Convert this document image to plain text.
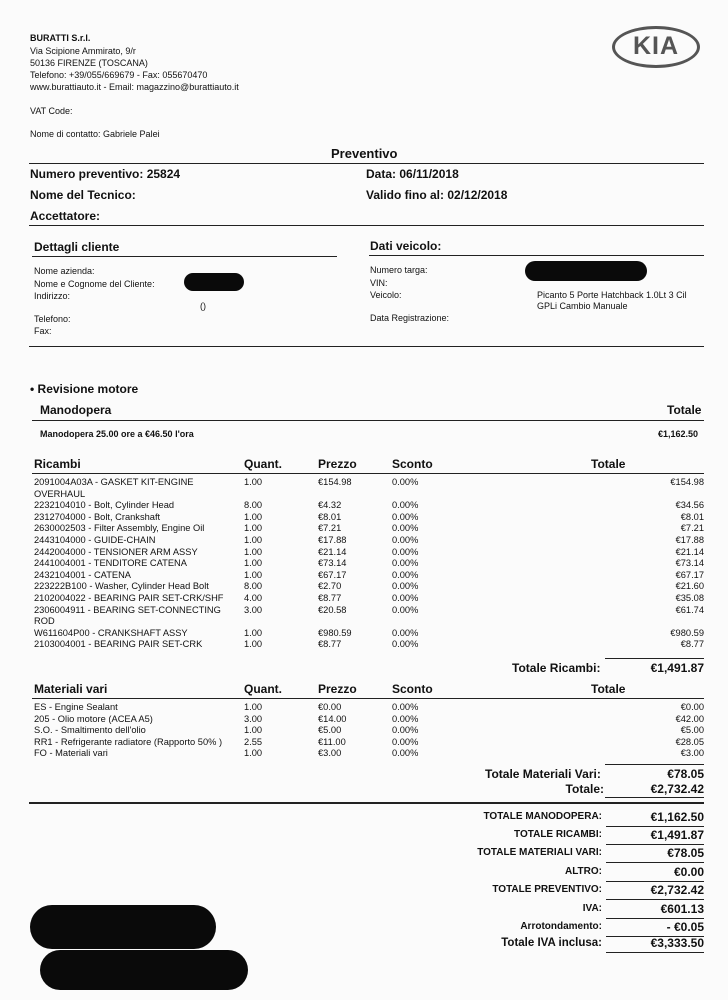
BURATTI S.r.l.
Via Scipione Ammirato, 9/r
50136 FIRENZE (TOSCANA)
Telefono: +39/055/669679 - Fax: 055670470
www.burattiauto.it - Email: magazzino@burattiauto.it
VAT Code:
Nome di contatto: Gabriele Palei
KIA
Preventivo
Numero preventivo: 25824	Data: 06/11/2018
Nome del Tecnico:	Valido fino al: 02/12/2018
Accettatore:
Dettagli cliente	Dati veicolo:
Nome azienda:
Nome e Cognome del Cliente:
Indirizzo:
()
Telefono:
Fax:
Numero targa:
VIN:
Veicolo:	Picanto 5 Porte Hatchback 1.0Lt 3 Cil
GPLi Cambio Manuale
Data Registrazione:
• Revisione motore
Manodopera	Totale
Manodopera 25.00 ore a €46.50 l'ora	€1,162.50
Ricambi	Quant.	Prezzo	Sconto	Totale
2091004A03A - GASKET KIT-ENGINE	1.00	€154.98	0.00%	€154.98
OVERHAUL				
2232104010 - Bolt, Cylinder Head	8.00	€4.32	0.00%	€34.56
2312704000 - Bolt, Crankshaft	1.00	€8.01	0.00%	€8.01
2630002503 - Filter Assembly, Engine Oil	1.00	€7.21	0.00%	€7.21
2443104000 - GUIDE-CHAIN	1.00	€17.88	0.00%	€17.88
2442004000 - TENSIONER ARM ASSY	1.00	€21.14	0.00%	€21.14
2441004001 - TENDITORE CATENA	1.00	€73.14	0.00%	€73.14
2432104001 - CATENA	1.00	€67.17	0.00%	€67.17
223222B100 - Washer, Cylinder Head Bolt	8.00	€2.70	0.00%	€21.60
2102004022 - BEARING PAIR SET-CRK/SHF	4.00	€8.77	0.00%	€35.08
2306004911 - BEARING SET-CONNECTING	3.00	€20.58	0.00%	€61.74
ROD				
W611604P00 - CRANKSHAFT ASSY	1.00	€980.59	0.00%	€980.59
2103004001 - BEARING PAIR SET-CRK	1.00	€8.77	0.00%	€8.77
Totale Ricambi:	€1,491.87
Materiali vari	Quant.	Prezzo	Sconto	Totale
ES - Engine Sealant	1.00	€0.00	0.00%	€0.00
205 - Olio motore (ACEA A5)	3.00	€14.00	0.00%	€42.00
S.O. - Smaltimento dell'olio	1.00	€5.00	0.00%	€5.00
RR1 - Refrigerante radiatore (Rapporto 50% )	2.55	€11.00	0.00%	€28.05
FO - Materiali vari	1.00	€3.00	0.00%	€3.00
Totale Materiali Vari:	€78.05
Totale:	€2,732.42
TOTALE MANODOPERA:	€1,162.50
TOTALE RICAMBI:	€1,491.87
TOTALE MATERIALI VARI:	€78.05
ALTRO:	€0.00
TOTALE PREVENTIVO:	€2,732.42
IVA:	€601.13
Arrotondamento:	- €0.05
Totale IVA inclusa:	€3,333.50
